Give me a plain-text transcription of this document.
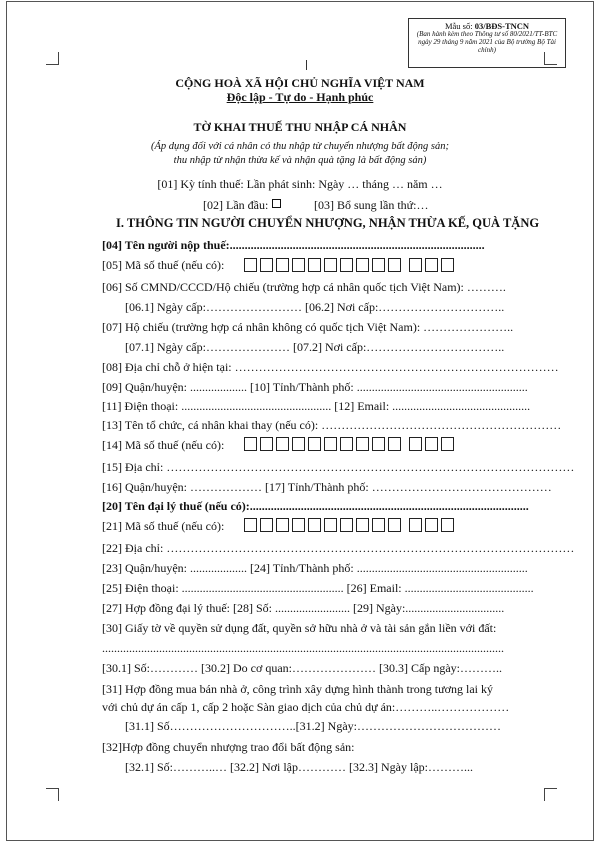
Mẫu số: 03/BĐS-TNCN
(Ban hành kèm theo Thông tư số 80/2021/TT-BTC ngày 29 tháng 9 năm 2021 của Bộ trưởng Bộ Tài chính)
CỘNG HOÀ XÃ HỘI CHỦ NGHĨA VIỆT NAM
Độc lập - Tự do - Hạnh phúc
TỜ KHAI THUẾ THU NHẬP CÁ NHÂN
(Áp dụng đối với cá nhân có thu nhập từ chuyển nhượng bất động sản;
thu nhập từ nhận thừa kế và nhận quà tặng là bất động sản)
[01] Kỳ tính thuế: Lần phát sinh: Ngày … tháng … năm …
[02] Lần đầu:	[03] Bổ sung lần thứ:…
I. THÔNG TIN NGƯỜI CHUYỂN NHƯỢNG, NHẬN THỪA KẾ, QUÀ TẶNG
[04] Tên người nộp thuế:.....................................................................................
[05] Mã số thuế (nếu có):
[06] Số CMND/CCCD/Hộ chiếu (trường hợp cá nhân quốc tịch Việt Nam): ……….
[06.1] Ngày cấp:…………………… [06.2] Nơi cấp:…………………………..
[07] Hộ chiếu (trường hợp cá nhân không có quốc tịch Việt Nam): …………………..
[07.1] Ngày cấp:………………… [07.2] Nơi cấp:……………………………..
[08] Địa chỉ chỗ ở hiện tại: ………………………………………………………………………
[09] Quận/huyện: ................... [10] Tỉnh/Thành phố: .........................................................
[11] Điện thoại: .................................................. [12] Email: ..............................................
[13] Tên tổ chức, cá nhân khai thay (nếu có): ……………………………………………………
[14] Mã số thuế (nếu có):
[15] Địa chỉ: …………………………………………………………………………………………
[16] Quận/huyện: ……………… [17] Tỉnh/Thành phố: ………………………………………
[20] Tên đại lý thuế (nếu có):.............................................................................................
[21] Mã số thuế (nếu có):
[22] Địa chỉ: …………………………………………………………………………………………
[23] Quận/huyện: ................... [24] Tỉnh/Thành phố: .........................................................
[25] Điện thoại: ...................................................... [26] Email: ...........................................
[27] Hợp đồng đại lý thuế: [28] Số: ......................... [29] Ngày:.................................
[30] Giấy tờ về quyền sử dụng đất, quyền sở hữu nhà ở và tài sản gắn liền với đất:
......................................................................................................................................
[30.1] Số:………… [30.2] Do cơ quan:………………… [30.3] Cấp ngày:………..
[31] Hợp đồng mua bán nhà ở, công trình xây dựng hình thành trong tương lai ký
với chủ dự án cấp 1, cấp 2 hoặc Sàn giao dịch của chủ dự án:………..………………
[31.1] Số…………………………..[31.2] Ngày:………………………………
[32]Hợp đồng chuyển nhượng trao đổi bất động sản:
[32.1] Số:………..… [32.2] Nơi lập………… [32.3] Ngày lập:………...
